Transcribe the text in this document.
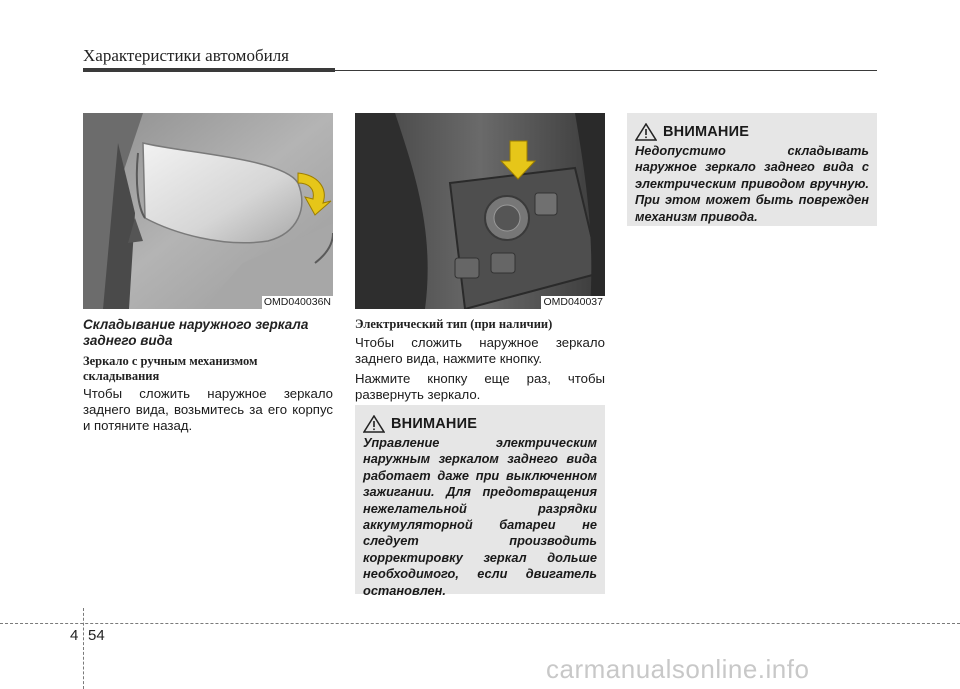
Характеристики автомобиля
OMD040036N	OMD040037
Складывание наружного зеркала заднего вида
Зеркало с ручным механизмом складывания
Чтобы сложить наружное зеркало заднего вида, возьмитесь за его корпус и потяните назад.
Электрический тип (при наличии)
Чтобы сложить наружное зеркало заднего вида, нажмите кнопку.
Нажмите кнопку еще раз, чтобы развернуть зеркало.
ВНИМАНИЕ
Управление электрическим наружным зеркалом заднего вида работает даже при выключенном зажигании. Для предотвращения нежелательной разрядки аккумуляторной батареи не следует производить корректировку зеркал дольше необходимого, если двигатель остановлен.
ВНИМАНИЕ
Недопустимо складывать наружное зеркало заднего вида с электрическим приводом вручную. При этом может быть поврежден механизм привода.
4 54
carmanualsonline.info
